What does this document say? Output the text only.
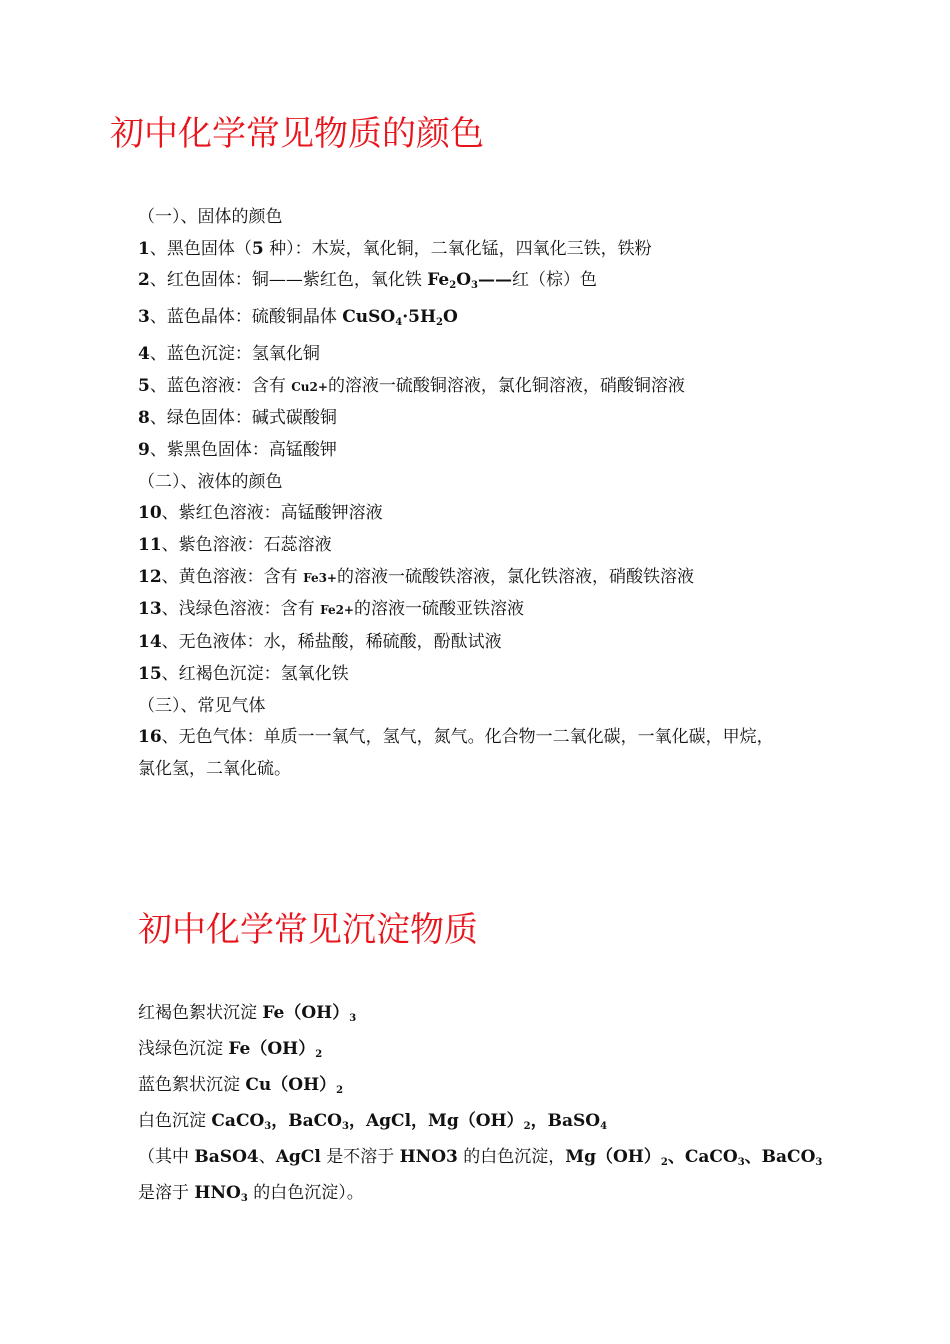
初中化学常见物质的颜色
（一）、固体的颜色
1、黑色固体（5 种）：木炭，氧化铜，二氧化锰，四氧化三铁，铁粉
2、红色固体：铜——紫红色，氧化铁 $Fe_2O_3——$红（棕）色
3、蓝色晶体：硫酸铜晶体 $CuSO_4\cdot 5H_2O$
4、蓝色沉淀：氢氧化铜
5、蓝色溶液：含有 Cu2+的溶液一硫酸铜溶液，氯化铜溶液，硝酸铜溶液
8、绿色固体：碱式碳酸铜
9、紫黑色固体：高锰酸钾
（二）、液体的颜色
10、紫红色溶液：高锰酸钾溶液
11、紫色溶液：石蕊溶液
12、黄色溶液：含有 Fe3+的溶液一硫酸铁溶液，氯化铁溶液，硝酸铁溶液
13、浅绿色溶液：含有 Fe2+的溶液一硫酸亚铁溶液
14、无色液体：水，稀盐酸，稀硫酸，酚酞试液
15、红褐色沉淀：氢氧化铁
（三）、常见气体
16、无色气体：单质一一氧气，氢气，氮气。化合物一二氧化碳，一氧化碳，甲烷，
氯化氢，二氧化硫。
初中化学常见沉淀物质
红褐色絮状沉淀 $Fe(OH)_3$
浅绿色沉淀 $Fe(OH)_2$
蓝色絮状沉淀 $Cu(OH)_2$
白色沉淀 CaCO$_3$，BaCO$_3$，AgCl，$Mg(OH)_2$，BaSO$_4$
（其中 BaSO4、AgCl 是不溶于 HNO3 的白色沉淀，$Mg(OH)_2$、CaCO$_3$、BaCO$_3$
是溶于 $HNO_3$ 的白色沉淀）。
